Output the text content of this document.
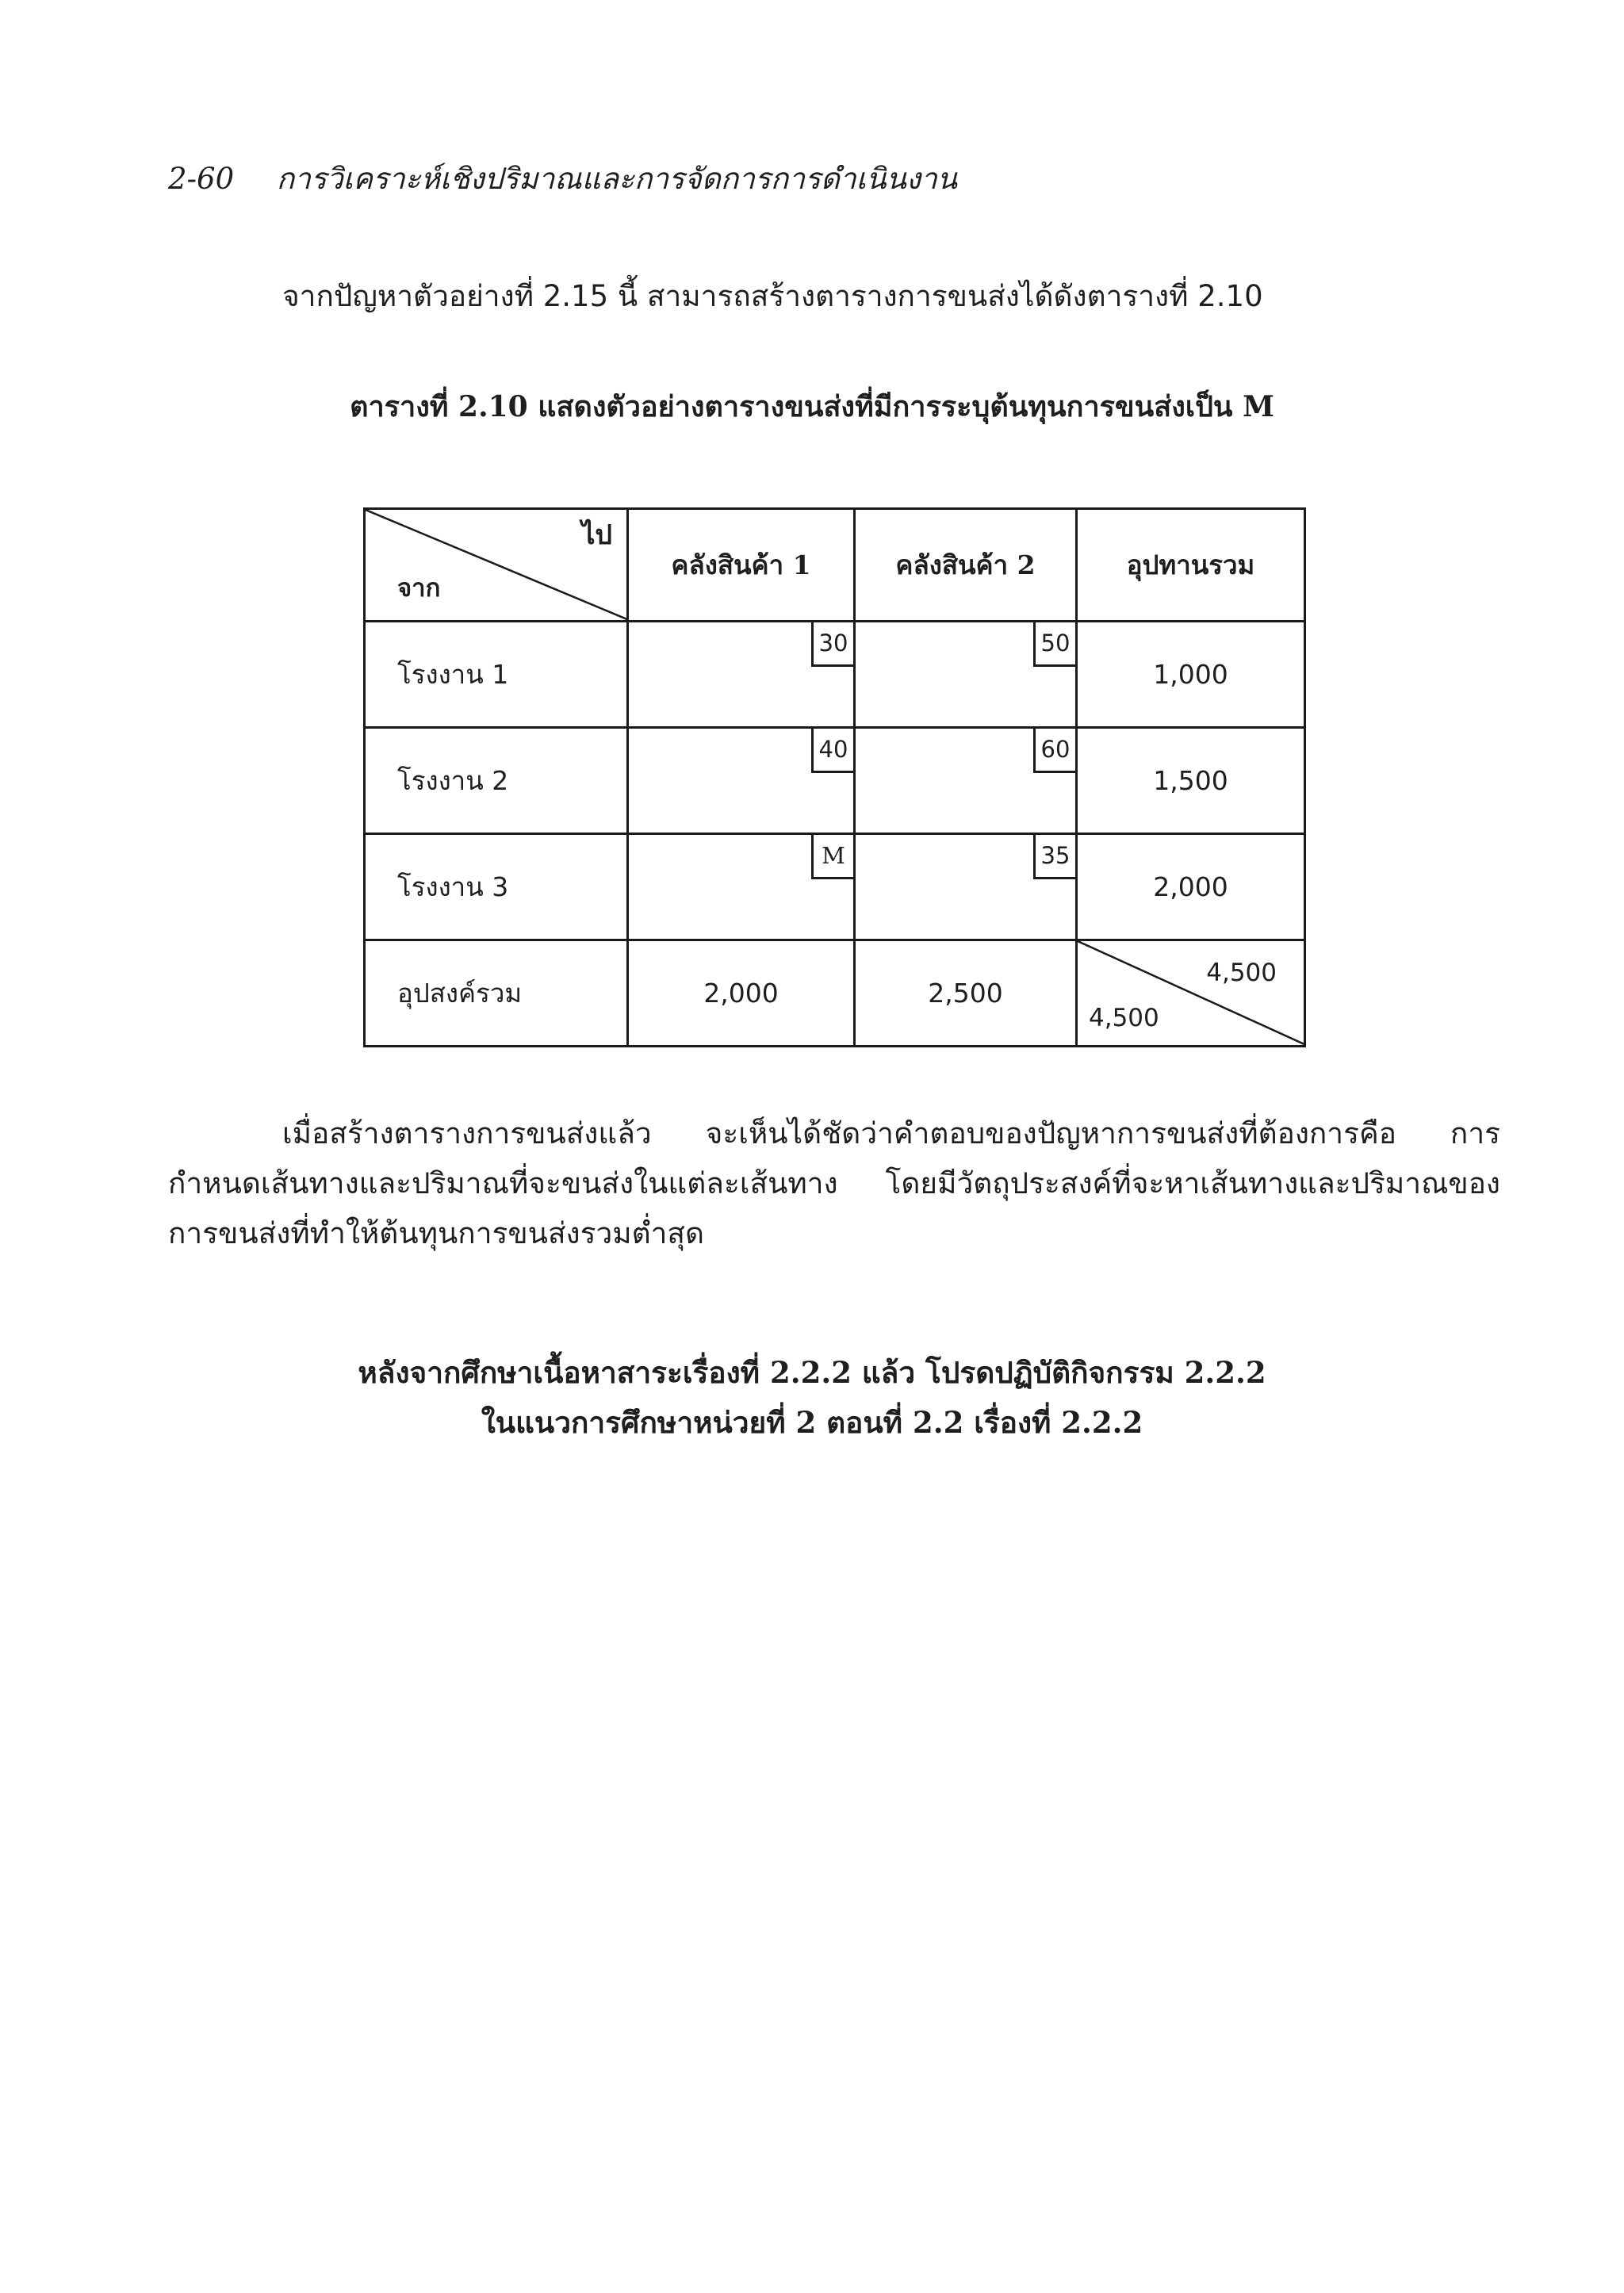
2-60 การวิเคราะห์เชิงปริมาณและการจัดการการดำเนินงาน
จากปัญหาตัวอย่างที่ 2.15 นี้ สามารถสร้างตารางการขนส่งได้ดังตารางที่ 2.10
ตารางที่ 2.10 แสดงตัวอย่างตารางขนส่งที่มีการระบุต้นทุนการขนส่งเป็น M
ไป
จาก	คลังสินค้า 1	คลังสินค้า 2	อุปทานรวม
โรงงาน 1	30	50	1,000
โรงงาน 2	40	60	1,500
โรงงาน 3	M	35	2,000
อุปสงค์รวม	2,000	2,500	4,500
4,500
เมื่อสร้างตารางการขนส่งแล้ว จะเห็นได้ชัดว่าคำตอบของปัญหาการขนส่งที่ต้องการคือ การ
กำหนดเส้นทางและปริมาณที่จะขนส่งในแต่ละเส้นทาง โดยมีวัตถุประสงค์ที่จะหาเส้นทางและปริมาณของ
การขนส่งที่ทำให้ต้นทุนการขนส่งรวมต่ำสุด
หลังจากศึกษาเนื้อหาสาระเรื่องที่ 2.2.2 แล้ว โปรดปฏิบัติกิจกรรม 2.2.2
ในแนวการศึกษาหน่วยที่ 2 ตอนที่ 2.2 เรื่องที่ 2.2.2
